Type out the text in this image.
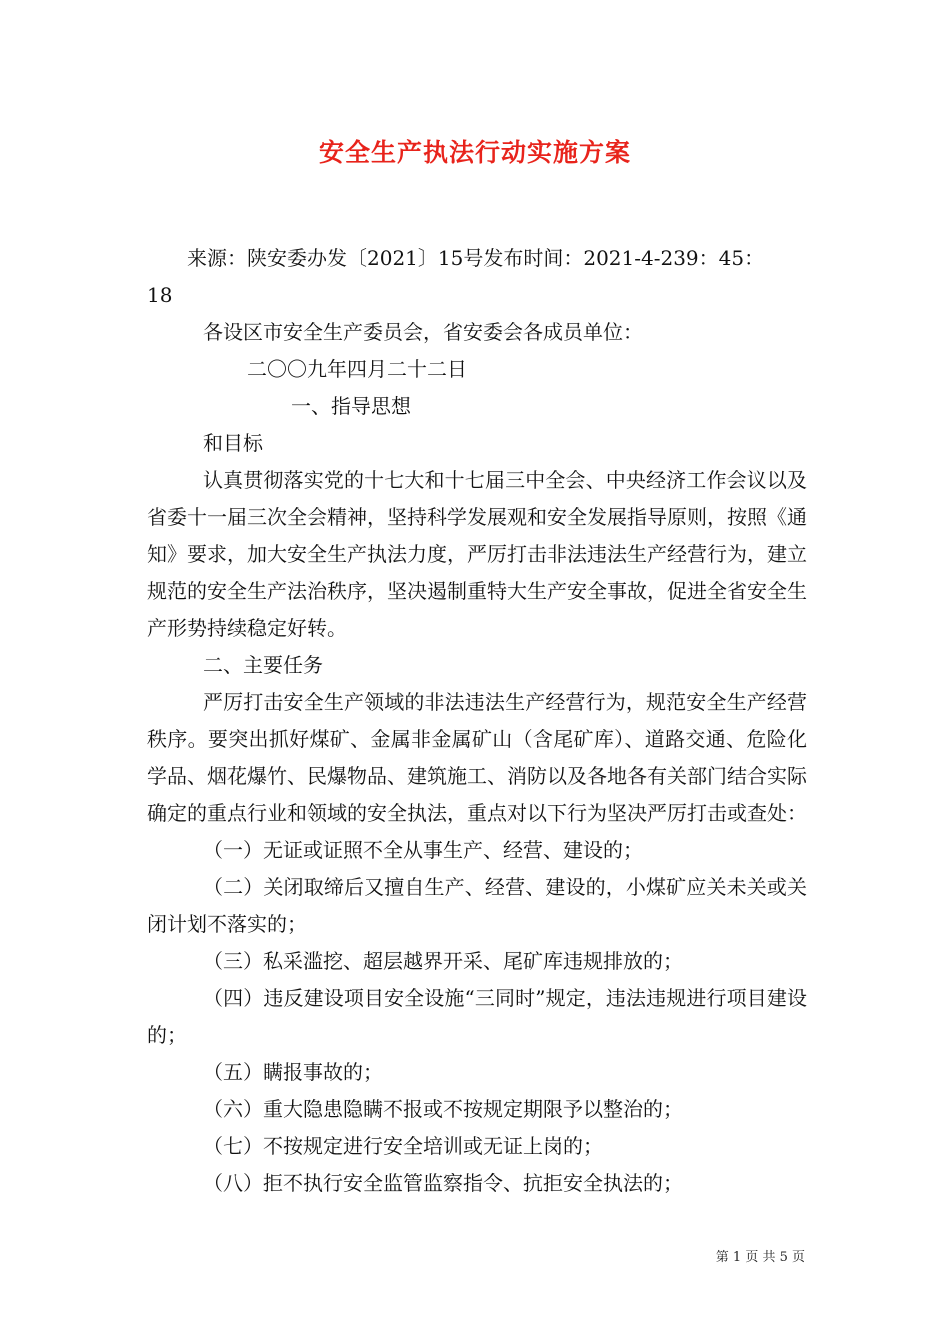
安全生产执法行动实施方案

来源：陕安委办发〔2021〕15号发布时间：2021-4-239：45：

18

各设区市安全生产委员会，省安委会各成员单位：

二〇〇九年四月二十二日

一、指导思想

和目标

认真贯彻落实党的十七大和十七届三中全会、中央经济工作会议以及省委十一届三次全会精神，坚持科学发展观和安全发展指导原则，按照《通知》要求，加大安全生产执法力度，严厉打击非法违法生产经营行为，建立规范的安全生产法治秩序，坚决遏制重特大生产安全事故，促进全省安全生产形势持续稳定好转。

二、主要任务

严厉打击安全生产领域的非法违法生产经营行为，规范安全生产经营秩序。要突出抓好煤矿、金属非金属矿山（含尾矿库）、道路交通、危险化学品、烟花爆竹、民爆物品、建筑施工、消防以及各地各有关部门结合实际确定的重点行业和领域的安全执法，重点对以下行为坚决严厉打击或查处：

（一）无证或证照不全从事生产、经营、建设的；

（二）关闭取缔后又擅自生产、经营、建设的，小煤矿应关未关或关闭计划不落实的；

（三）私采滥挖、超层越界开采、尾矿库违规排放的；

（四）违反建设项目安全设施“三同时”规定，违法违规进行项目建设的；

（五）瞒报事故的；

（六）重大隐患隐瞒不报或不按规定期限予以整治的；

（七）不按规定进行安全培训或无证上岗的；

（八）拒不执行安全监管监察指令、抗拒安全执法的；

第 1 页 共 5 页
